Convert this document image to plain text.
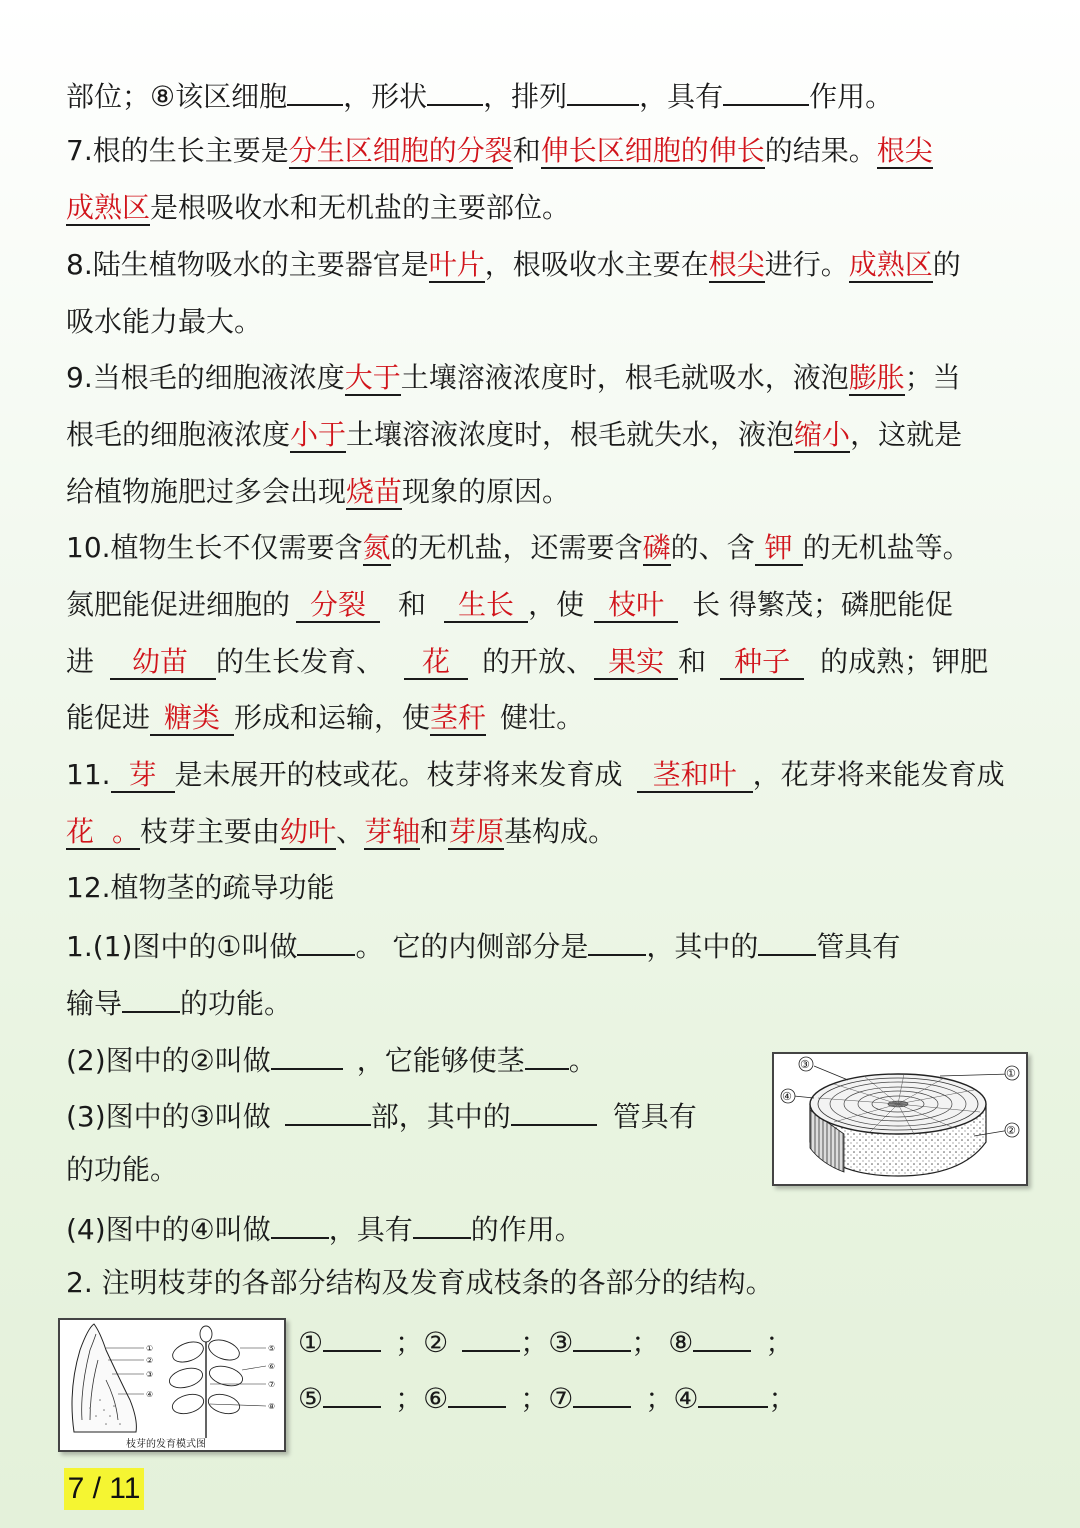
部位；⑧该区细胞 ，形状 ，排列	，具有	作用。
7.根的生长主要是分生区细胞的分裂和伸长区细胞的伸长的结果。根尖
成熟区是根吸收水和无机盐的主要部位。
8.陆生植物吸水的主要器官是叶片，根吸收水主要在根尖进行。成熟区的
吸水能力最大。
9.当根毛的细胞液浓度大于土壤溶液浓度时，根毛就吸水，液泡膨胀；当
根毛的细胞液浓度小于土壤溶液浓度时，根毛就失水，液泡缩小，这就是
给植物施肥过多会出现烧苗现象的原因。
10.植物生长不仅需要含氮的无机盐，还需要含磷的、含 钾 的无机盐等。
氮肥能促进细胞的 分裂 和 生长 ，使 枝叶 长 得繁茂；磷肥能促
进 幼苗 的生长发育、 花 的开放、 果实 和 种子 的成熟；钾肥
能促进 糖类 形成和运输，使茎秆 健壮。
11. 芽 是未展开的枝或花。枝芽将来发育成 茎和叶 ，花芽将来能发育成
花 。枝芽主要由幼叶、芽轴和芽原基构成。
12.植物茎的疏导功能
1.(1)图中的①叫做 。 它的内侧部分是 ，其中的 管具有
输导 的功能。
(2)图中的②叫做	，它能够使茎 。
(3)图中的③叫做	部，其中的	管具有
的功能。
(4)图中的④叫做 ，具有 的作用。
③
①
④
②
2. 注明枝芽的各部分结构及发育成枝条的各部分的结构。
①
②
③
④
⑤
⑥
⑦
⑧
枝芽的发育模式图
①	；②	；③ ； ⑧	；
⑤	；⑥	；⑦	；④	；
7 / 11
